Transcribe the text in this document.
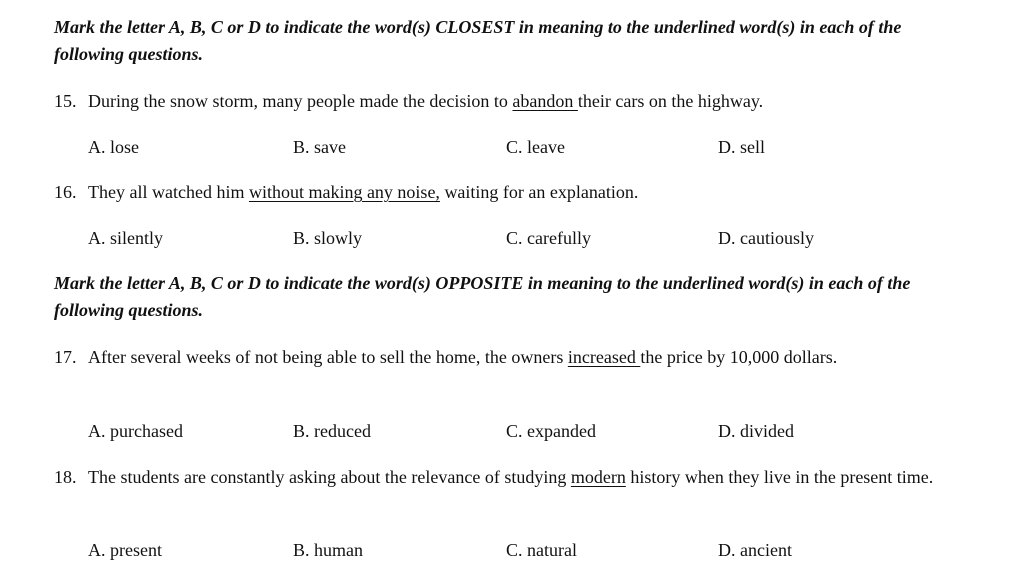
Mark the letter A, B, C or D to indicate the word(s) CLOSEST in meaning to the underlined word(s) in each of the following questions.
15. During the snow storm, many people made the decision to abandon their cars on the highway.
A. lose	B. save	C. leave	D. sell
16. They all watched him without making any noise, waiting for an explanation.
A. silently	B. slowly	C. carefully	D. cautiously
Mark the letter A, B, C or D to indicate the word(s) OPPOSITE in meaning to the underlined word(s) in each of the following questions.
17. After several weeks of not being able to sell the home, the owners increased the price by 10,000 dollars.
A. purchased	B. reduced	C. expanded	D. divided
18. The students are constantly asking about the relevance of studying modern history when they live in the present time.
A. present	B. human	C. natural	D. ancient
